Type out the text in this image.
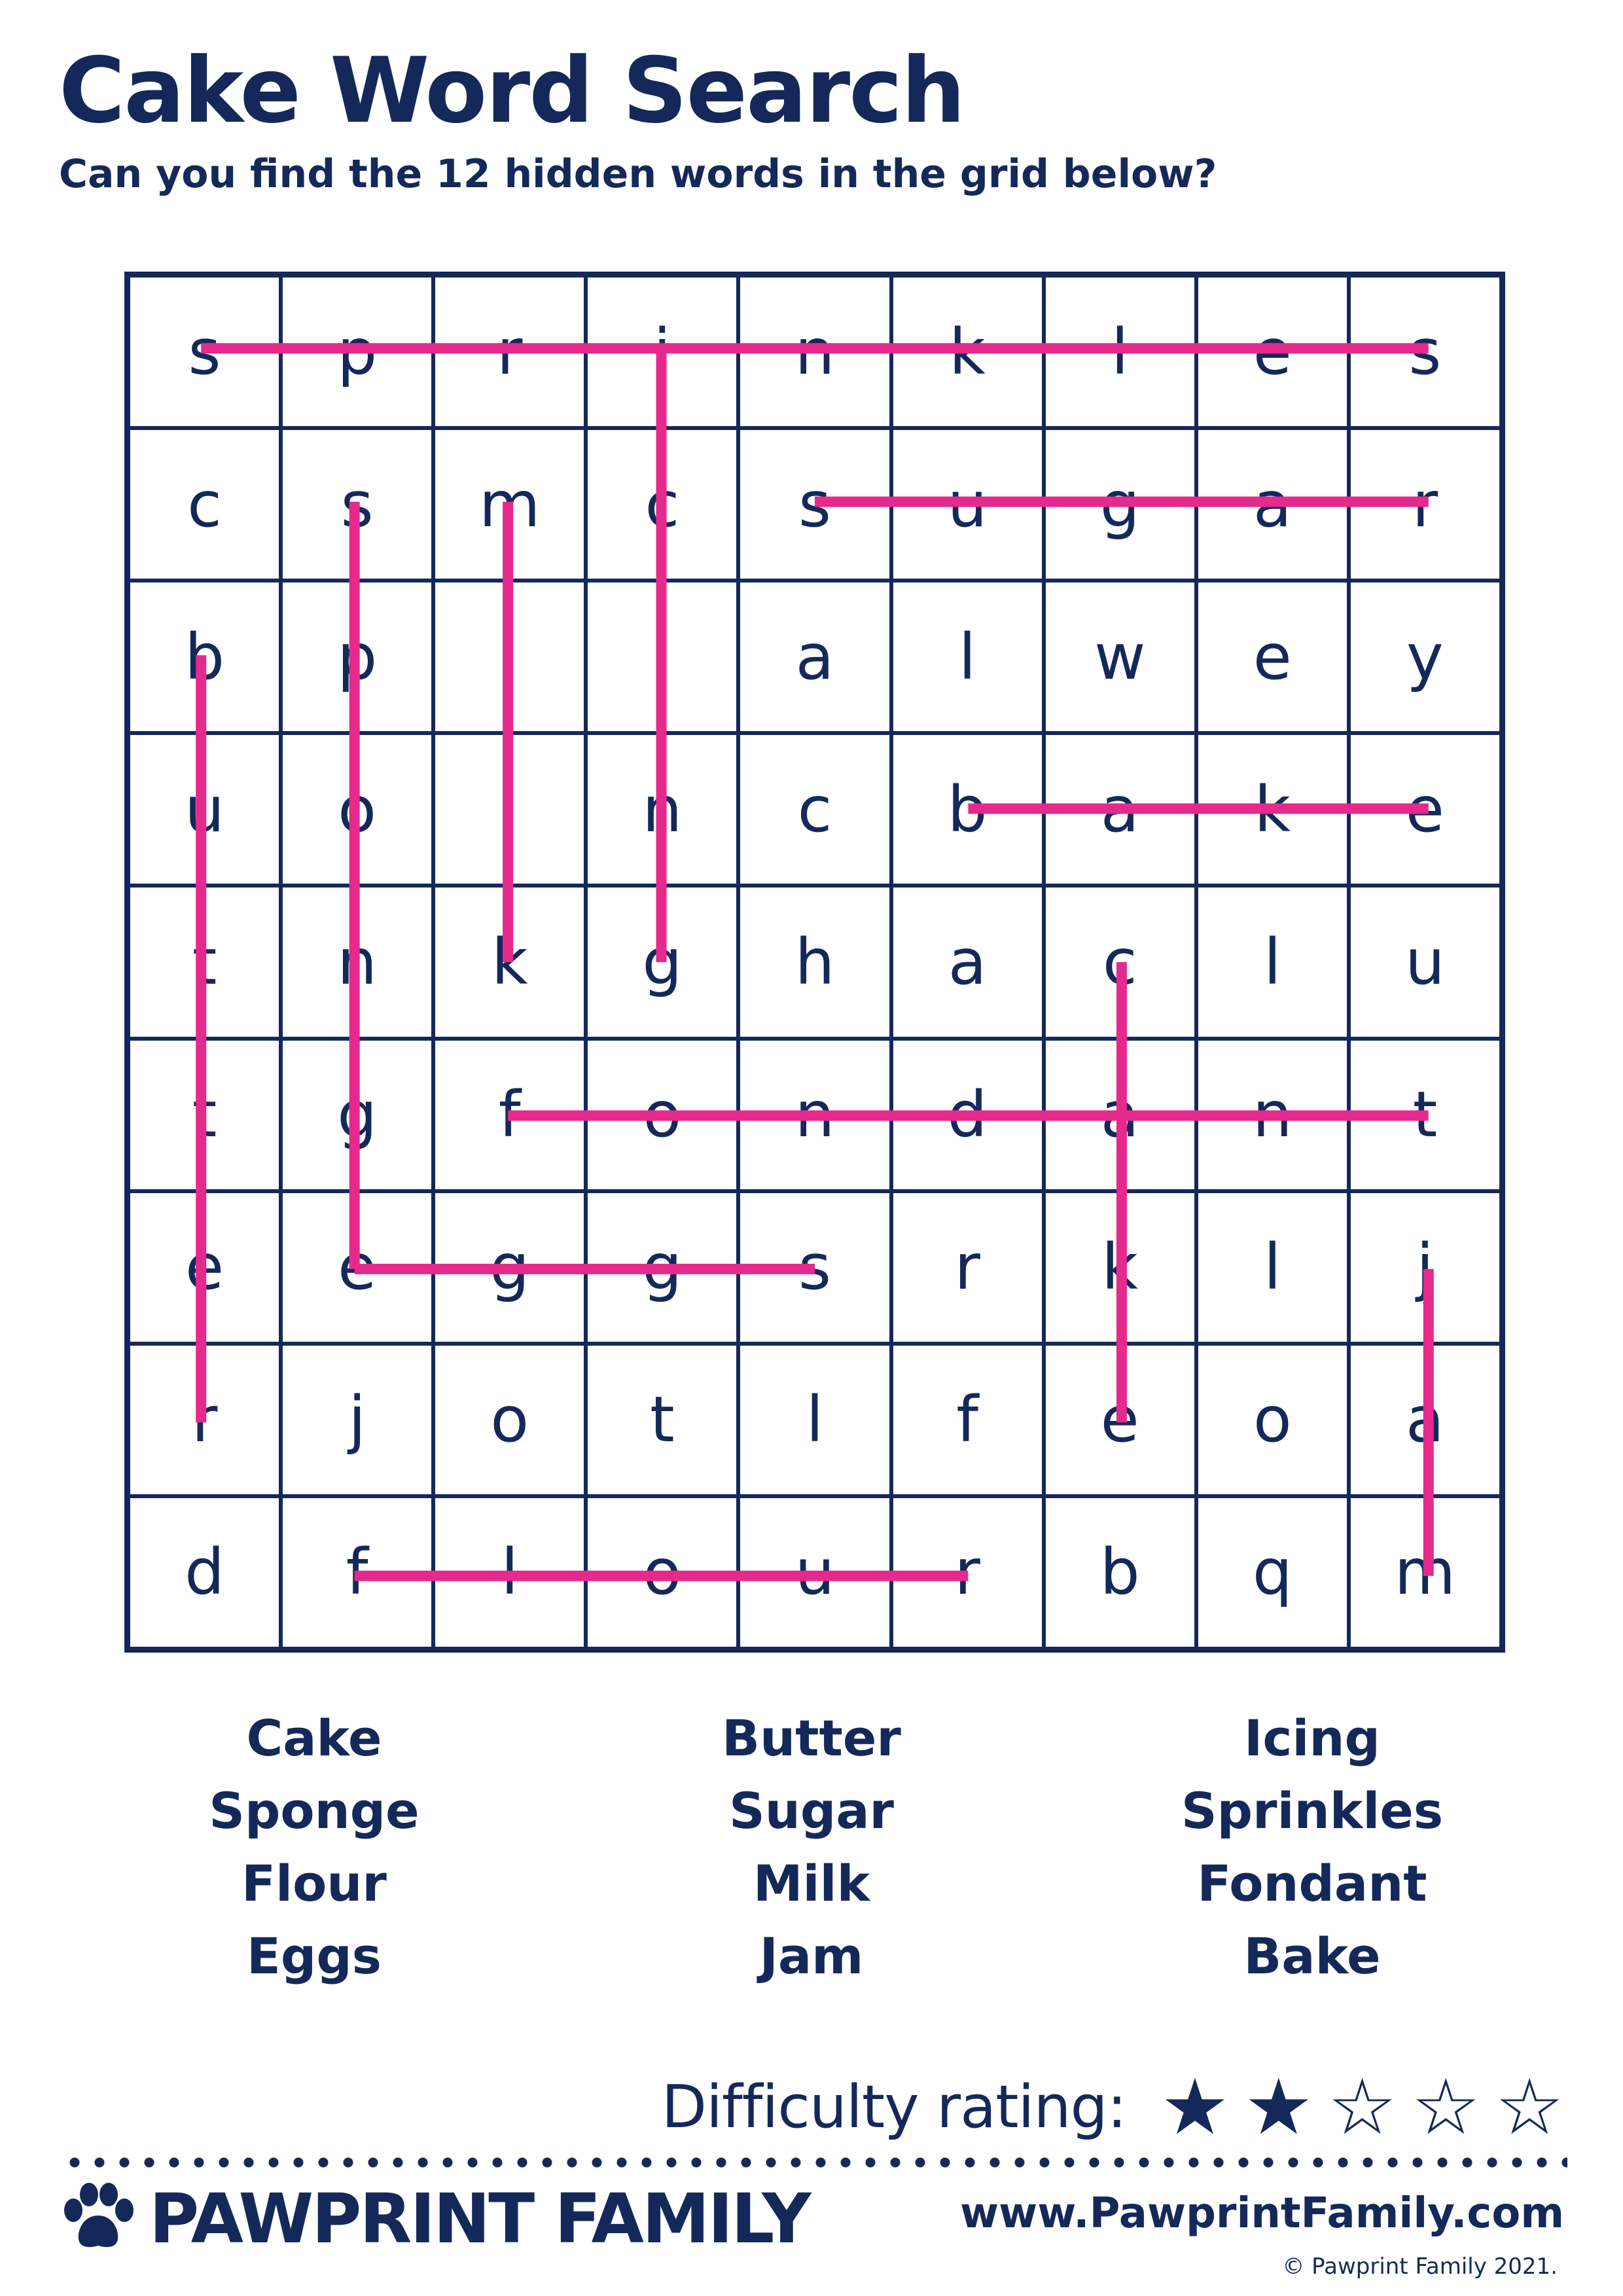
Cake Word Search
Can you find the 12 hidden words in the grid below?
s	p	r	i	n	k	l	e	s
c	s	m	c	s	u	g	a	r
b	p	i	i	a	l	w	e	y
u	o	l	n	c	b	a	k	e
t	n	k	g	h	a	c	l	u
t	g	f	o	n	d	a	n	t
e	e	g	g	s	r	k	l	j
r	j	o	t	l	f	e	o	a
d	f	l	o	u	r	b	q	m
Cake
Sponge
Flour
Eggs
Butter
Sugar
Milk
Jam
Icing
Sprinkles
Fondant
Bake
Difficulty rating: ★ ★ ☆ ☆ ☆
PAWPRINT FAMILY	www.PawprintFamily.com
© Pawprint Family 2021.
